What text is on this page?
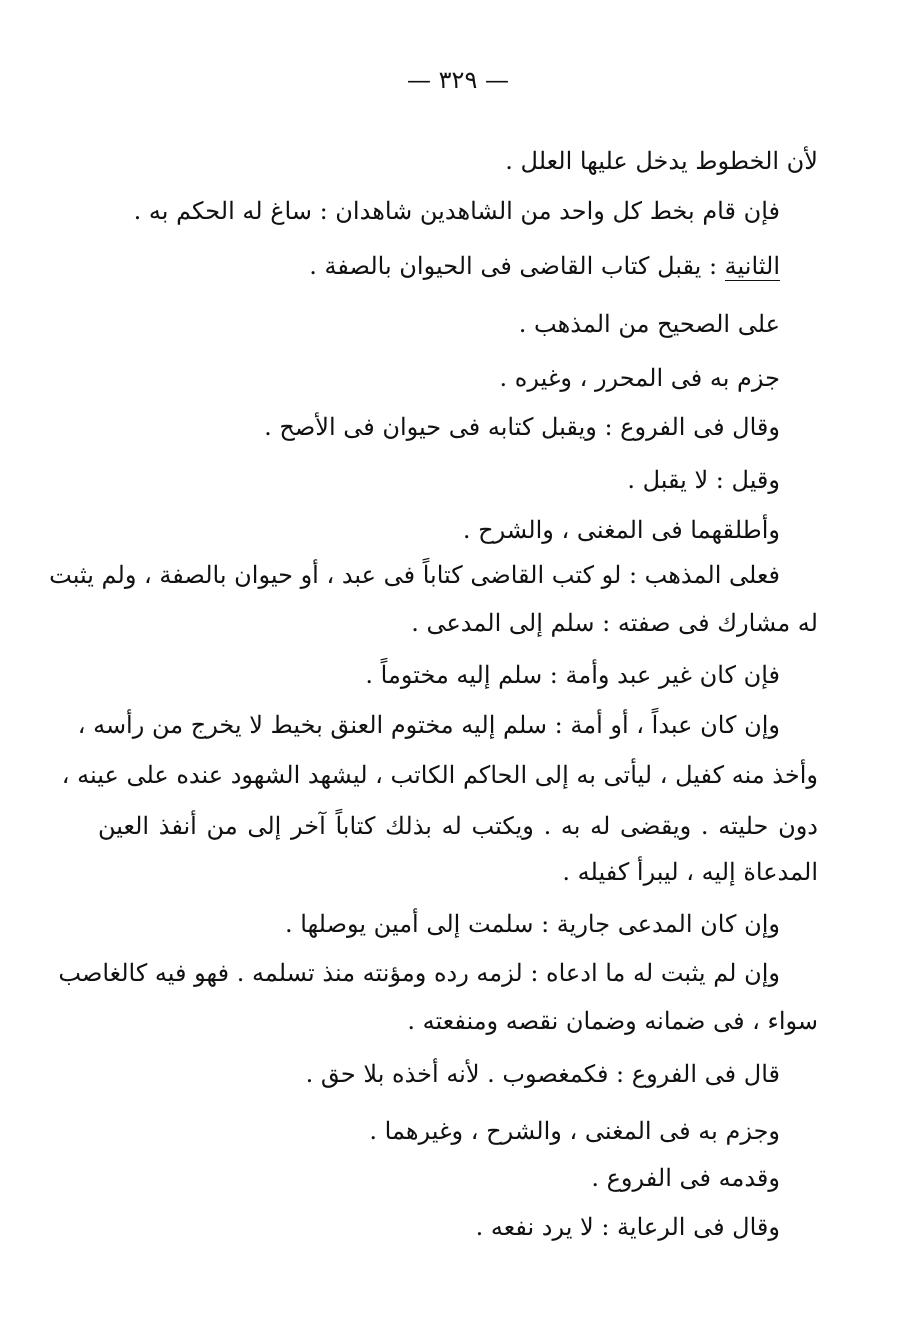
— ٣٢٩ —
لأن الخطوط يدخل عليها العلل .
فإن قام بخط كل واحد من الشاهدين شاهدان : ساغ له الحكم به .
الثانية : يقبل كتاب القاضى فى الحيوان بالصفة .
على الصحيح من المذهب .
جزم به فى المحرر ، وغيره .
وقال فى الفروع : ويقبل كتابه فى حيوان فى الأصح .
وقيل : لا يقبل .
وأطلقهما فى المغنى ، والشرح .
فعلى المذهب : لو كتب القاضى كتاباً فى عبد ، أو حيوان بالصفة ، ولم يثبت
له مشارك فى صفته : سلم إلى المدعى .
فإن كان غير عبد وأمة : سلم إليه مختوماً .
وإن كان عبداً ، أو أمة : سلم إليه مختوم العنق بخيط لا يخرج من رأسه ،
وأخذ منه كفيل ، ليأتى به إلى الحاكم الكاتب ، ليشهد الشهود عنده على عينه ،
دون حليته . ويقضى له به . ويكتب له بذلك كتاباً آخر إلى من أنفذ العين
المدعاة إليه ، ليبرأ كفيله .
وإن كان المدعى جارية : سلمت إلى أمين يوصلها .
وإن لم يثبت له ما ادعاه : لزمه رده ومؤنته منذ تسلمه . فهو فيه كالغاصب
سواء ، فى ضمانه وضمان نقصه ومنفعته .
قال فى الفروع : فكمغصوب . لأنه أخذه بلا حق .
وجزم به فى المغنى ، والشرح ، وغيرهما .
وقدمه فى الفروع .
وقال فى الرعاية : لا يرد نفعه .
